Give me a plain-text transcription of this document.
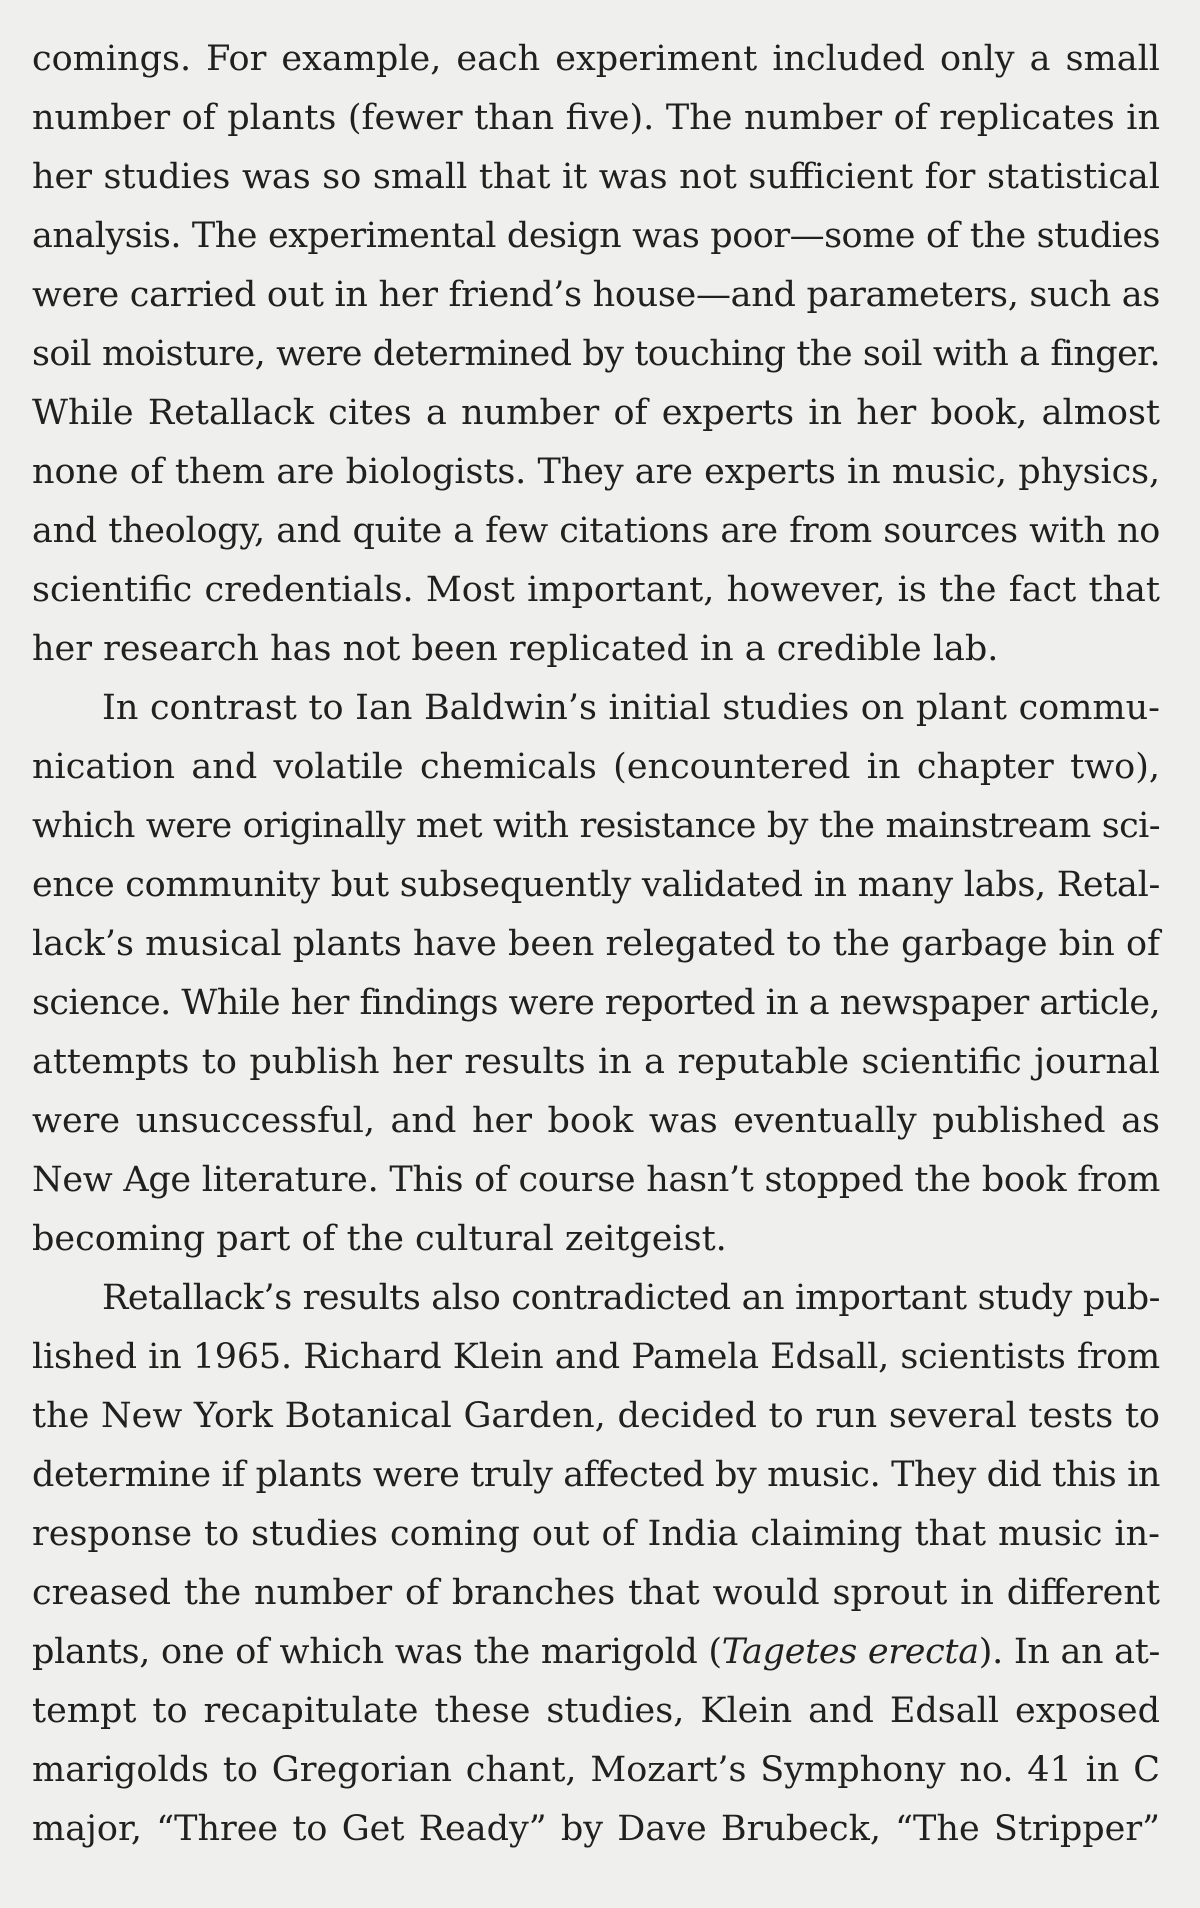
comings. For example, each experiment included only a small
number of plants (fewer than five). The number of replicates in
her studies was so small that it was not sufficient for statistical
analysis. The experimental design was poor—some of the studies
were carried out in her friend’s house—and parameters, such as
soil moisture, were determined by touching the soil with a finger.
While Retallack cites a number of experts in her book, almost
none of them are biologists. They are experts in music, physics,
and theology, and quite a few citations are from sources with no
scientific credentials. Most important, however, is the fact that
her research has not been replicated in a credible lab.
In contrast to Ian Baldwin’s initial studies on plant commu-
nication and volatile chemicals (encountered in chapter two),
which were originally met with resistance by the mainstream sci-
ence community but subsequently validated in many labs, Retal-
lack’s musical plants have been relegated to the garbage bin of
science. While her findings were reported in a newspaper article,
attempts to publish her results in a reputable scientific journal
were unsuccessful, and her book was eventually published as
New Age literature. This of course hasn’t stopped the book from
becoming part of the cultural zeitgeist.
Retallack’s results also contradicted an important study pub-
lished in 1965. Richard Klein and Pamela Edsall, scientists from
the New York Botanical Garden, decided to run several tests to
determine if plants were truly affected by music. They did this in
response to studies coming out of India claiming that music in-
creased the number of branches that would sprout in different
plants, one of which was the marigold (Tagetes erecta). In an at-
tempt to recapitulate these studies, Klein and Edsall exposed
marigolds to Gregorian chant, Mozart’s Symphony no. 41 in C
major, “Three to Get Ready” by Dave Brubeck, “The Stripper”
